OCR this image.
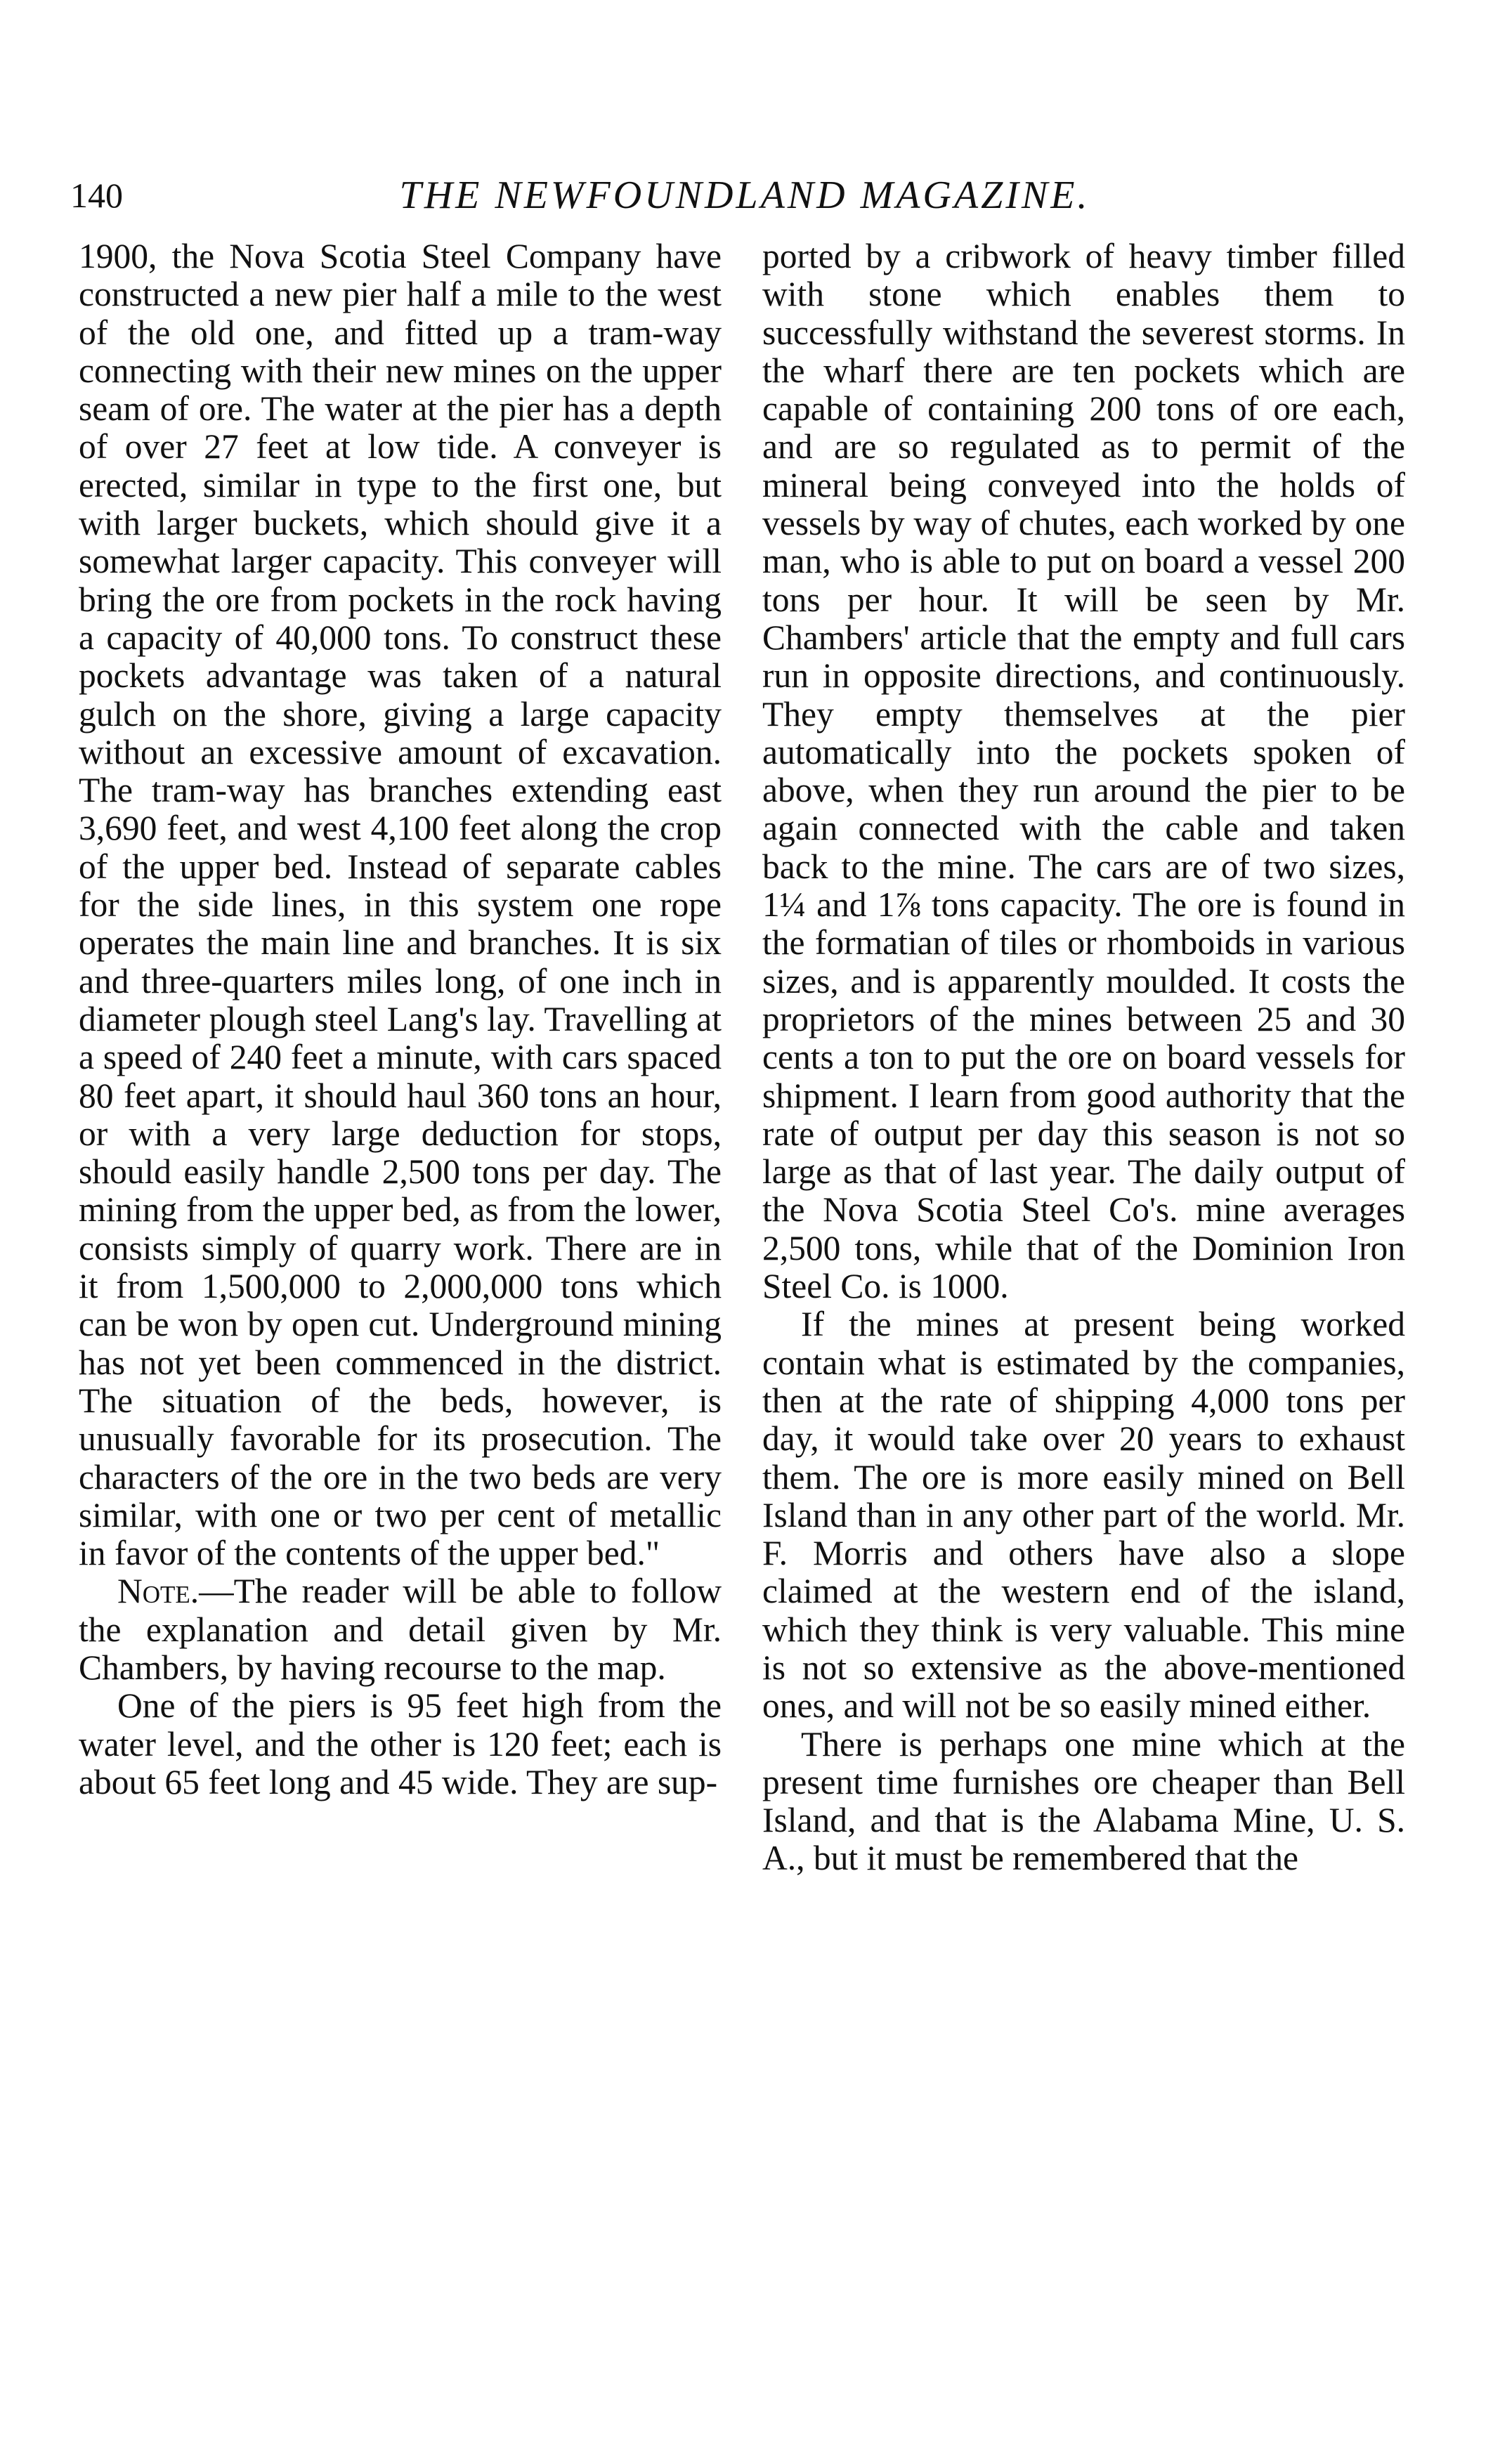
140	THE NEWFOUNDLAND MAGAZINE.

1900, the Nova Scotia Steel Company have constructed a new pier half a mile to the west of the old one, and fitted up a tram-way connecting with their new mines on the upper seam of ore. The water at the pier has a depth of over 27 feet at low tide. A conveyer is erected, similar in type to the first one, but with larger buckets, which should give it a somewhat larger capacity. This conveyer will bring the ore from pockets in the rock having a capacity of 40,000 tons. To construct these pockets advantage was taken of a natural gulch on the shore, giving a large capacity without an excessive amount of excavation. The tram-way has branches extending east 3,690 feet, and west 4,100 feet along the crop of the upper bed. Instead of separate cables for the side lines, in this system one rope operates the main line and branches. It is six and three-quarters miles long, of one inch in diameter plough steel Lang's lay. Travelling at a speed of 240 feet a minute, with cars spaced 80 feet apart, it should haul 360 tons an hour, or with a very large deduction for stops, should easily handle 2,500 tons per day. The mining from the upper bed, as from the lower, consists simply of quarry work. There are in it from 1,500,000 to 2,000,000 tons which can be won by open cut. Underground mining has not yet been commenced in the district. The situation of the beds, however, is unusually favorable for its prosecution. The characters of the ore in the two beds are very similar, with one or two per cent of metallic in favor of the contents of the upper bed."

Note.—The reader will be able to follow the explanation and detail given by Mr. Chambers, by having recourse to the map.

One of the piers is 95 feet high from the water level, and the other is 120 feet; each is about 65 feet long and 45 wide. They are sup-

ported by a cribwork of heavy timber filled with stone which enables them to successfully withstand the severest storms. In the wharf there are ten pockets which are capable of containing 200 tons of ore each, and are so regulated as to permit of the mineral being conveyed into the holds of vessels by way of chutes, each worked by one man, who is able to put on board a vessel 200 tons per hour. It will be seen by Mr. Chambers' article that the empty and full cars run in opposite directions, and continuously. They empty themselves at the pier automatically into the pockets spoken of above, when they run around the pier to be again connected with the cable and taken back to the mine. The cars are of two sizes, 1¼ and 1⅞ tons capacity. The ore is found in the formatian of tiles or rhomboids in various sizes, and is apparently moulded. It costs the proprietors of the mines between 25 and 30 cents a ton to put the ore on board vessels for shipment. I learn from good authority that the rate of output per day this season is not so large as that of last year. The daily output of the Nova Scotia Steel Co's. mine averages 2,500 tons, while that of the Dominion Iron Steel Co. is 1000.

If the mines at present being worked contain what is estimated by the companies, then at the rate of shipping 4,000 tons per day, it would take over 20 years to exhaust them. The ore is more easily mined on Bell Island than in any other part of the world. Mr. F. Morris and others have also a slope claimed at the western end of the island, which they think is very valuable. This mine is not so extensive as the above-mentioned ones, and will not be so easily mined either.

There is perhaps one mine which at the present time furnishes ore cheaper than Bell Island, and that is the Alabama Mine, U. S. A., but it must be remembered that the
